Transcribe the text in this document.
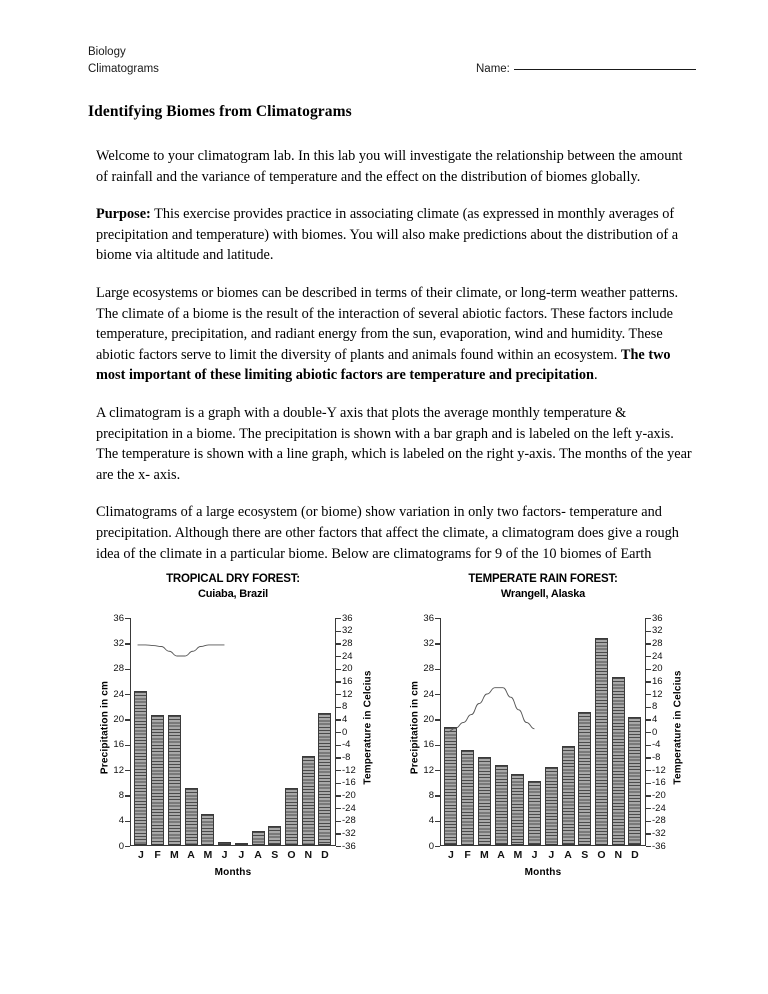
Biology
Climatograms	Name:
Identifying Biomes from Climatograms

Welcome to your climatogram lab. In this lab you will investigate the relationship between the amount of rainfall and the variance of temperature and the effect on the distribution of biomes globally.

Purpose: This exercise provides practice in associating climate (as expressed in monthly averages of precipitation and temperature) with biomes. You will also make predictions about the distribution of a biome via altitude and latitude.

Large ecosystems or biomes can be described in terms of their climate, or long-term weather patterns. The climate of a biome is the result of the interaction of several abiotic factors. These factors include temperature, precipitation, and radiant energy from the sun, evaporation, wind and humidity. These abiotic factors serve to limit the diversity of plants and animals found within an ecosystem. The two most important of these limiting abiotic factors are temperature and precipitation.

A climatogram is a graph with a double-Y axis that plots the average monthly temperature & precipitation in a biome. The precipitation is shown with a bar graph and is labeled on the left y-axis. The temperature is shown with a line graph, which is labeled on the right y-axis. The months of the year are the x- axis.

Climatograms of a large ecosystem (or biome) show variation in only two factors- temperature and precipitation. Although there are other factors that affect the climate, a climatogram does give a rough idea of the climate in a particular biome. Below are climatograms for 9 of the 10 biomes of Earth

TROPICAL DRY FOREST:
Cuiaba, Brazil
Precipitation in cm	Temperature in Celcius
0
4
8
12
16
20
24
28
32
36	36
32
28
24
20
16
12
8
4
0
-4
-8
-12
-16
-20
-24
-28
-32
-36
J	F M A M J	J A S O N D
Months
TEMPERATE RAIN FOREST:
Wrangell, Alaska
Precipitation in cm	Temperature in Celcius
0
4
8
12
16
20
24
28
32
36	36
32
28
24
20
16
12
8
4
0
-4
-8
-12
-16
-20
-24
-28
-32
-36
J	F M A M J	J A S O N D
Months
